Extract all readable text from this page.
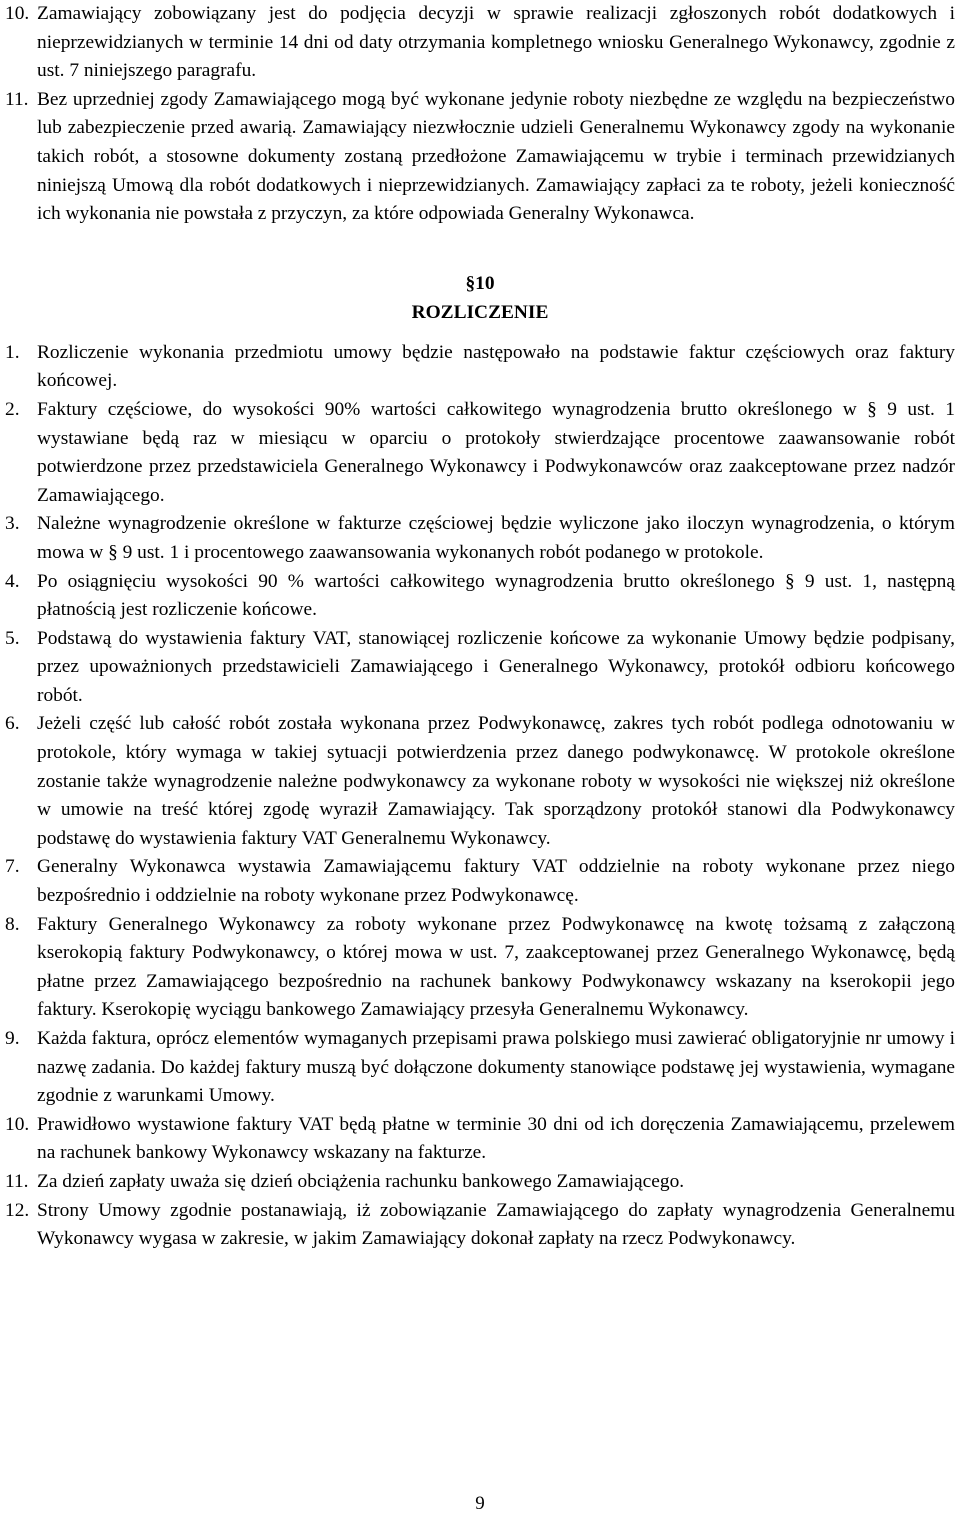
10. Zamawiający zobowiązany jest do podjęcia decyzji w sprawie realizacji zgłoszonych robót dodatkowych i nieprzewidzianych w terminie 14 dni od daty otrzymania kompletnego wniosku Generalnego Wykonawcy, zgodnie z ust. 7 niniejszego paragrafu.
11. Bez uprzedniej zgody Zamawiającego mogą być wykonane jedynie roboty niezbędne ze względu na bezpieczeństwo lub zabezpieczenie przed awarią. Zamawiający niezwłocznie udzieli Generalnemu Wykonawcy zgody na wykonanie takich robót, a stosowne dokumenty zostaną przedłożone Zamawiającemu w trybie i terminach przewidzianych niniejszą Umową dla robót dodatkowych i nieprzewidzianych. Zamawiający zapłaci za te roboty, jeżeli konieczność ich wykonania nie powstała z przyczyn, za które odpowiada Generalny Wykonawca.

§10

ROZLICZENIE

1. Rozliczenie wykonania przedmiotu umowy będzie następowało na podstawie faktur częściowych oraz faktury końcowej.
2. Faktury częściowe, do wysokości 90% wartości całkowitego wynagrodzenia brutto określonego w § 9 ust. 1 wystawiane będą raz w miesiącu w oparciu o protokoły stwierdzające procentowe zaawansowanie robót potwierdzone przez przedstawiciela Generalnego Wykonawcy i Podwykonawców oraz zaakceptowane przez nadzór Zamawiającego.
3. Należne wynagrodzenie określone w fakturze częściowej będzie wyliczone jako iloczyn wynagrodzenia, o którym mowa w § 9 ust. 1 i procentowego zaawansowania wykonanych robót podanego w protokole.
4. Po osiągnięciu wysokości 90 % wartości całkowitego wynagrodzenia brutto określonego § 9 ust. 1, następną płatnością jest rozliczenie końcowe.
5. Podstawą do wystawienia faktury VAT, stanowiącej rozliczenie końcowe za wykonanie Umowy będzie podpisany, przez upoważnionych przedstawicieli Zamawiającego i Generalnego Wykonawcy, protokół odbioru końcowego robót.
6. Jeżeli część lub całość robót została wykonana przez Podwykonawcę, zakres tych robót podlega odnotowaniu w protokole, który wymaga w takiej sytuacji potwierdzenia przez danego podwykonawcę. W protokole określone zostanie także wynagrodzenie należne podwykonawcy za wykonane roboty w wysokości nie większej niż określone w umowie na treść której zgodę wyraził Zamawiający. Tak sporządzony protokół stanowi dla Podwykonawcy podstawę do wystawienia faktury VAT Generalnemu Wykonawcy.
7. Generalny Wykonawca wystawia Zamawiającemu faktury VAT oddzielnie na roboty wykonane przez niego bezpośrednio i oddzielnie na roboty wykonane przez Podwykonawcę.
8. Faktury Generalnego Wykonawcy za roboty wykonane przez Podwykonawcę na kwotę tożsamą z załączoną kserokopią faktury Podwykonawcy, o której mowa w ust. 7, zaakceptowanej przez Generalnego Wykonawcę, będą płatne przez Zamawiającego bezpośrednio na rachunek bankowy Podwykonawcy wskazany na kserokopii jego faktury. Kserokopię wyciągu bankowego Zamawiający przesyła Generalnemu Wykonawcy.
9. Każda faktura, oprócz elementów wymaganych przepisami prawa polskiego musi zawierać obligatoryjnie nr umowy i nazwę zadania. Do każdej faktury muszą być dołączone dokumenty stanowiące podstawę jej wystawienia, wymagane zgodnie z warunkami Umowy.
10. Prawidłowo wystawione faktury VAT będą płatne w terminie 30 dni od ich doręczenia Zamawiającemu, przelewem na rachunek bankowy Wykonawcy wskazany na fakturze.
11. Za dzień zapłaty uważa się dzień obciążenia rachunku bankowego Zamawiającego.
12. Strony Umowy zgodnie postanawiają, iż zobowiązanie Zamawiającego do zapłaty wynagrodzenia Generalnemu Wykonawcy wygasa w zakresie, w jakim Zamawiający dokonał zapłaty na rzecz Podwykonawcy.
9
